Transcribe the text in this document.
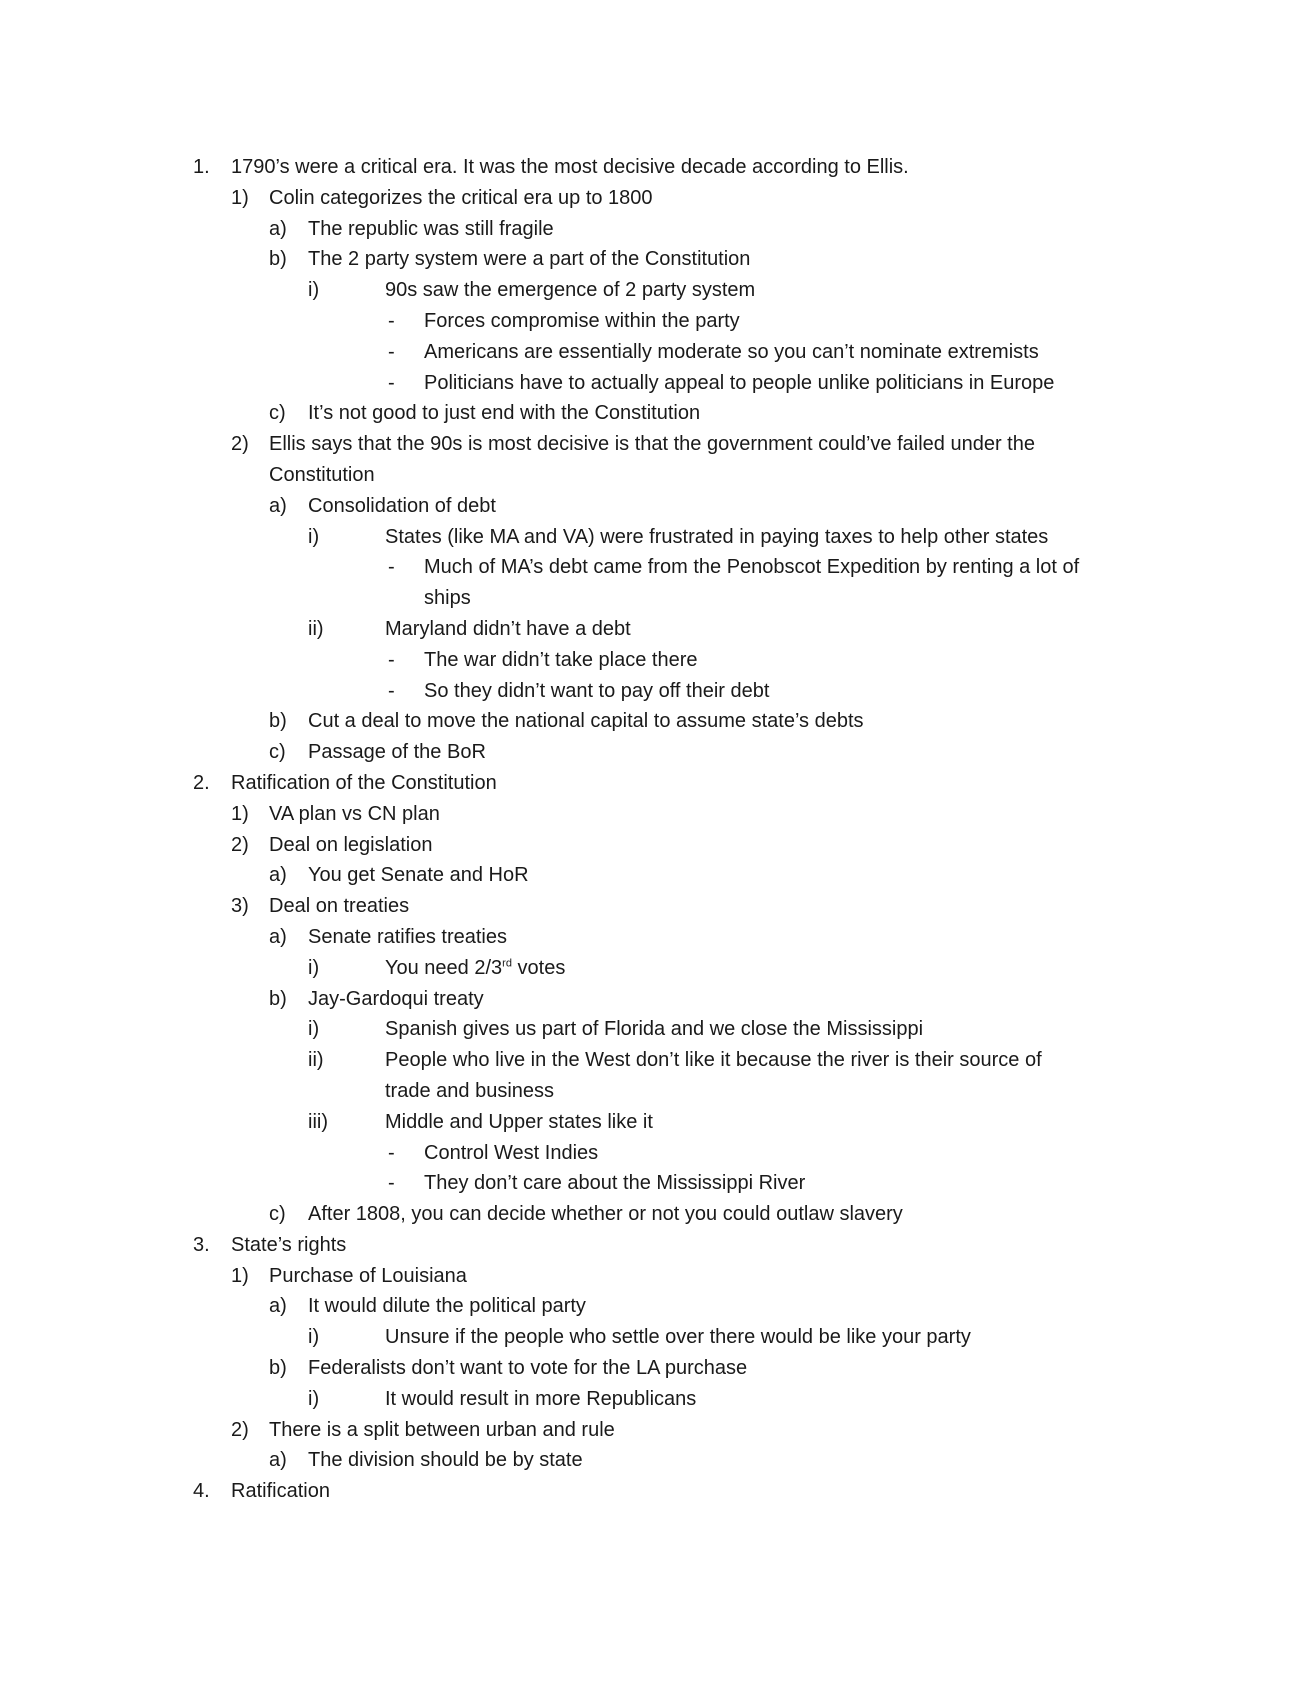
1. 1790’s were a critical era. It was the most decisive decade according to Ellis.
1) Colin categorizes the critical era up to 1800
a) The republic was still fragile
b) The 2 party system were a part of the Constitution
i)	90s saw the emergence of 2 party system
- Forces compromise within the party
- Americans are essentially moderate so you can’t nominate extremists
- Politicians have to actually appeal to people unlike politicians in Europe
c) It’s not good to just end with the Constitution
2) Ellis says that the 90s is most decisive is that the government could’ve failed under the
Constitution
a) Consolidation of debt
i)	States (like MA and VA) were frustrated in paying taxes to help other states
- Much of MA’s debt came from the Penobscot Expedition by renting a lot of
ships
ii)	Maryland didn’t have a debt
- The war didn’t take place there
- So they didn’t want to pay off their debt
b) Cut a deal to move the national capital to assume state’s debts
c) Passage of the BoR
2. Ratification of the Constitution
1) VA plan vs CN plan
2) Deal on legislation
a) You get Senate and HoR
3) Deal on treaties
a) Senate ratifies treaties
i)	You need 2/3rd votes
b) Jay-Gardoqui treaty
i)	Spanish gives us part of Florida and we close the Mississippi
ii)	People who live in the West don’t like it because the river is their source of
trade and business
iii)	Middle and Upper states like it
- Control West Indies
- They don’t care about the Mississippi River
c) After 1808, you can decide whether or not you could outlaw slavery
3. State’s rights
1) Purchase of Louisiana
a) It would dilute the political party
i)	Unsure if the people who settle over there would be like your party
b) Federalists don’t want to vote for the LA purchase
i)	It would result in more Republicans
2) There is a split between urban and rule
a) The division should be by state
4. Ratification
